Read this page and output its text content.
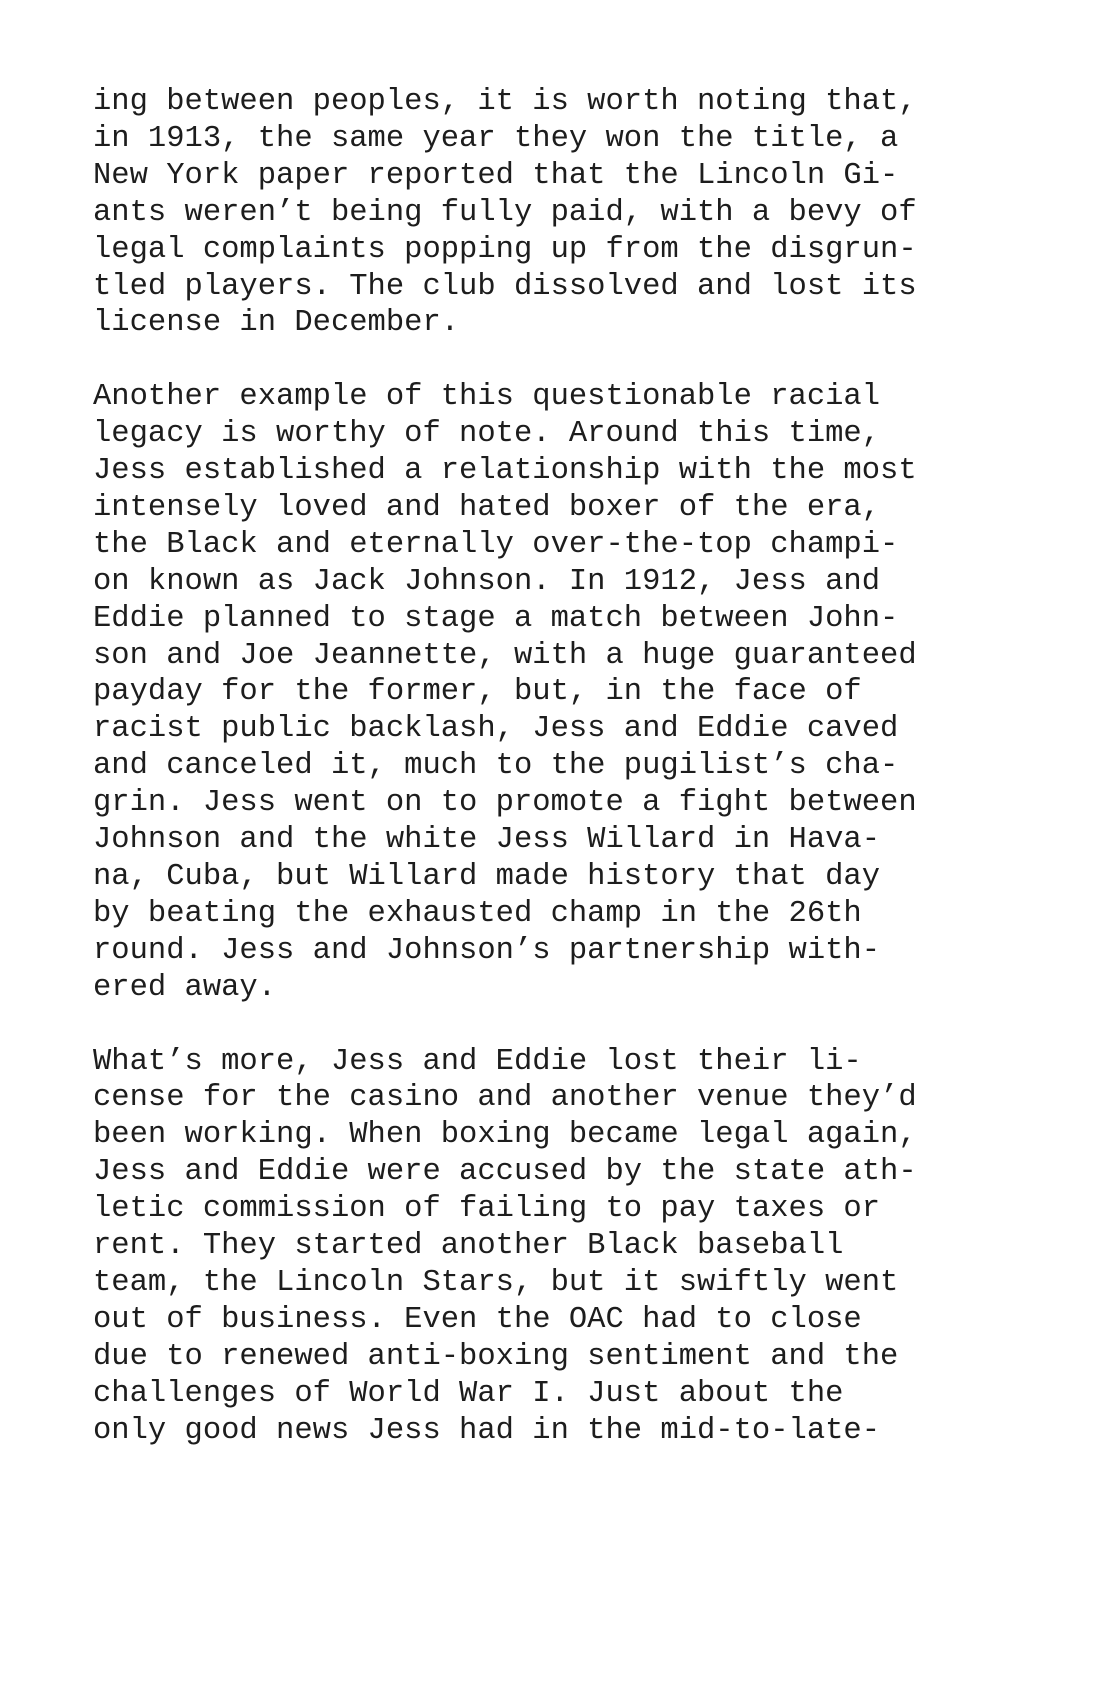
ing between peoples, it is worth noting that,
in 1913, the same year they won the title, a
New York paper reported that the Lincoln Gi-
ants weren’t being fully paid, with a bevy of
legal complaints popping up from the disgrun-
tled players. The club dissolved and lost its
license in December.

Another example of this questionable racial
legacy is worthy of note. Around this time,
Jess established a relationship with the most
intensely loved and hated boxer of the era,
the Black and eternally over-the-top champi-
on known as Jack Johnson. In 1912, Jess and
Eddie planned to stage a match between John-
son and Joe Jeannette, with a huge guaranteed
payday for the former, but, in the face of
racist public backlash, Jess and Eddie caved
and canceled it, much to the pugilist’s cha-
grin. Jess went on to promote a fight between
Johnson and the white Jess Willard in Hava-
na, Cuba, but Willard made history that day
by beating the exhausted champ in the 26th
round. Jess and Johnson’s partnership with-
ered away.

What’s more, Jess and Eddie lost their li-
cense for the casino and another venue they’d
been working. When boxing became legal again,
Jess and Eddie were accused by the state ath-
letic commission of failing to pay taxes or
rent. They started another Black baseball
team, the Lincoln Stars, but it swiftly went
out of business. Even the OAC had to close
due to renewed anti-boxing sentiment and the
challenges of World War I. Just about the
only good news Jess had in the mid-to-late-
